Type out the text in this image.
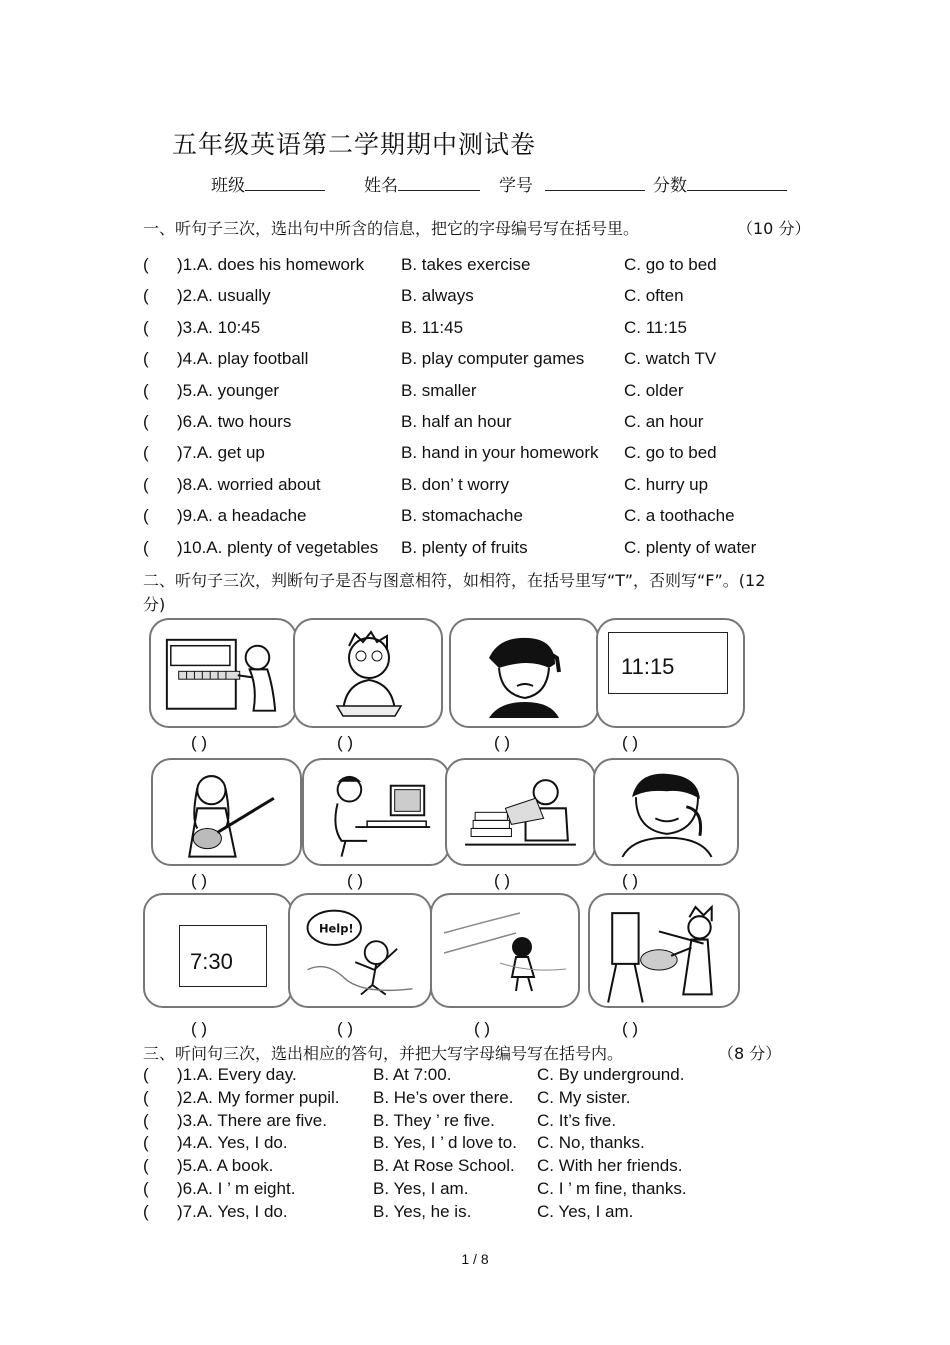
五年级英语第二学期期中测试卷
班级	姓名	学号	分数
一、听句子三次，选出句中所含的信息，把它的字母编号写在括号里。	（10 分）
( )1.A. does his homework B. takes exercise	C. go to bed
( )2.A. usually	B. always	C. often
( )3.A. 10:45	B. 11:45	C. 11:15
( )4.A. play football	B. play computer games C. watch TV
( )5.A. younger	B. smaller	C. older
( )6.A. two hours	B. half an hour	C. an hour
( )7.A. get up	B. hand in your homework C. go to bed
( )8.A. worried about	B. don’ t worry	C. hurry up
( )9.A. a headache	B. stomachache	C. a toothache
( )10.A. plenty of vegetables B. plenty of fruits	C. plenty of water
二、听句子三次，判断句子是否与图意相符，如相符，在括号里写“T”，否则写“F”。(12
分)
11:15
( )	( )	( )	( )
( )	( )	( )	( )
7:30
Help!
( )	( )	( )	( )
三、听问句三次，选出相应的答句，并把大写字母编号写在括号内。	（8 分）
( )1.A. Every day.	B. At 7:00.	C. By underground.
( )2.A. My former pupil. B. He’s over there. C. My sister.
( )3.A. There are five.	B. They ’ re five. C. It’s five.
( )4.A. Yes, I do.	B. Yes, I ’ d love to. C. No, thanks.
( )5.A. A book.	B. At Rose School. C. With her friends.
( )6.A. I ’ m eight.	B. Yes, I am.	C. I ’ m fine, thanks.
( )7.A. Yes, I do.	B. Yes, he is.	C. Yes, I am.
1 / 8
